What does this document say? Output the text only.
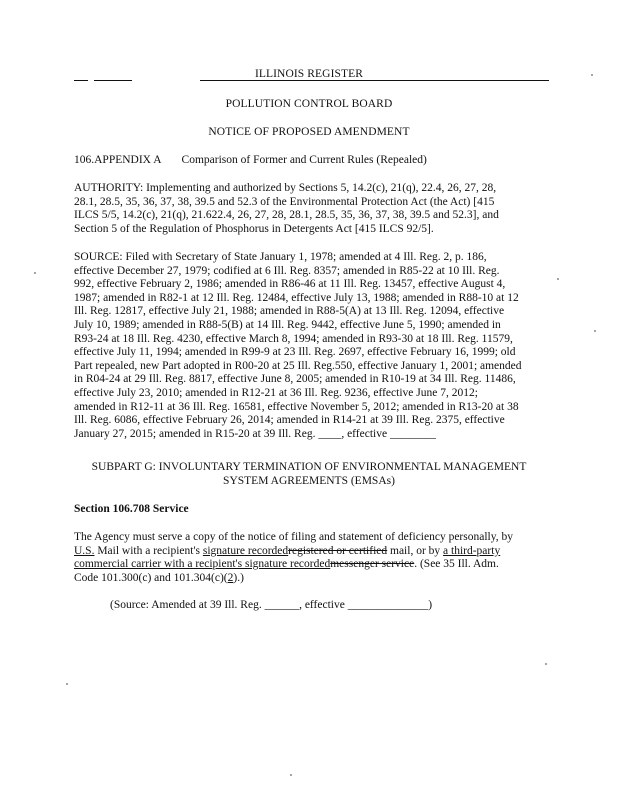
ILLINOIS REGISTER
POLLUTION CONTROL BOARD
NOTICE OF PROPOSED AMENDMENT
106.APPENDIX A Comparison of Former and Current Rules (Repealed)
AUTHORITY: Implementing and authorized by Sections 5, 14.2(c), 21(q), 22.4, 26, 27, 28,
28.1, 28.5, 35, 36, 37, 38, 39.5 and 52.3 of the Environmental Protection Act (the Act) [415
ILCS 5/5, 14.2(c), 21(q), 21.622.4, 26, 27, 28, 28.1, 28.5, 35, 36, 37, 38, 39.5 and 52.3], and
Section 5 of the Regulation of Phosphorus in Detergents Act [415 ILCS 92/5].
SOURCE: Filed with Secretary of State January 1, 1978; amended at 4 Ill. Reg. 2, p. 186,
effective December 27, 1979; codified at 6 Ill. Reg. 8357; amended in R85-22 at 10 Ill. Reg.
992, effective February 2, 1986; amended in R86-46 at 11 Ill. Reg. 13457, effective August 4,
1987; amended in R82-1 at 12 Ill. Reg. 12484, effective July 13, 1988; amended in R88-10 at 12
Ill. Reg. 12817, effective July 21, 1988; amended in R88-5(A) at 13 Ill. Reg. 12094, effective
July 10, 1989; amended in R88-5(B) at 14 Ill. Reg. 9442, effective June 5, 1990; amended in
R93-24 at 18 Ill. Reg. 4230, effective March 8, 1994; amended in R93-30 at 18 Ill. Reg. 11579,
effective July 11, 1994; amended in R99-9 at 23 Ill. Reg. 2697, effective February 16, 1999; old
Part repealed, new Part adopted in R00-20 at 25 Ill. Reg.550, effective January 1, 2001; amended
in R04-24 at 29 Ill. Reg. 8817, effective June 8, 2005; amended in R10-19 at 34 Ill. Reg. 11486,
effective July 23, 2010; amended in R12-21 at 36 Ill. Reg. 9236, effective June 7, 2012;
amended in R12-11 at 36 Ill. Reg. 16581, effective November 5, 2012; amended in R13-20 at 38
Ill. Reg. 6086, effective February 26, 2014; amended in R14-21 at 39 Ill. Reg. 2375, effective
January 27, 2015; amended in R15-20 at 39 Ill. Reg. ____, effective ________
SUBPART G: INVOLUNTARY TERMINATION OF ENVIRONMENTAL MANAGEMENT
SYSTEM AGREEMENTS (EMSAs)
Section 106.708 Service
The Agency must serve a copy of the notice of filing and statement of deficiency personally, by
U.S. Mail with a recipient's signature recordedregistered or certified mail, or by a third-party
commercial carrier with a recipient's signature recordedmessenger service. (See 35 Ill. Adm.
Code 101.300(c) and 101.304(c)(2).)
(Source: Amended at 39 Ill. Reg. ______, effective ______________)
